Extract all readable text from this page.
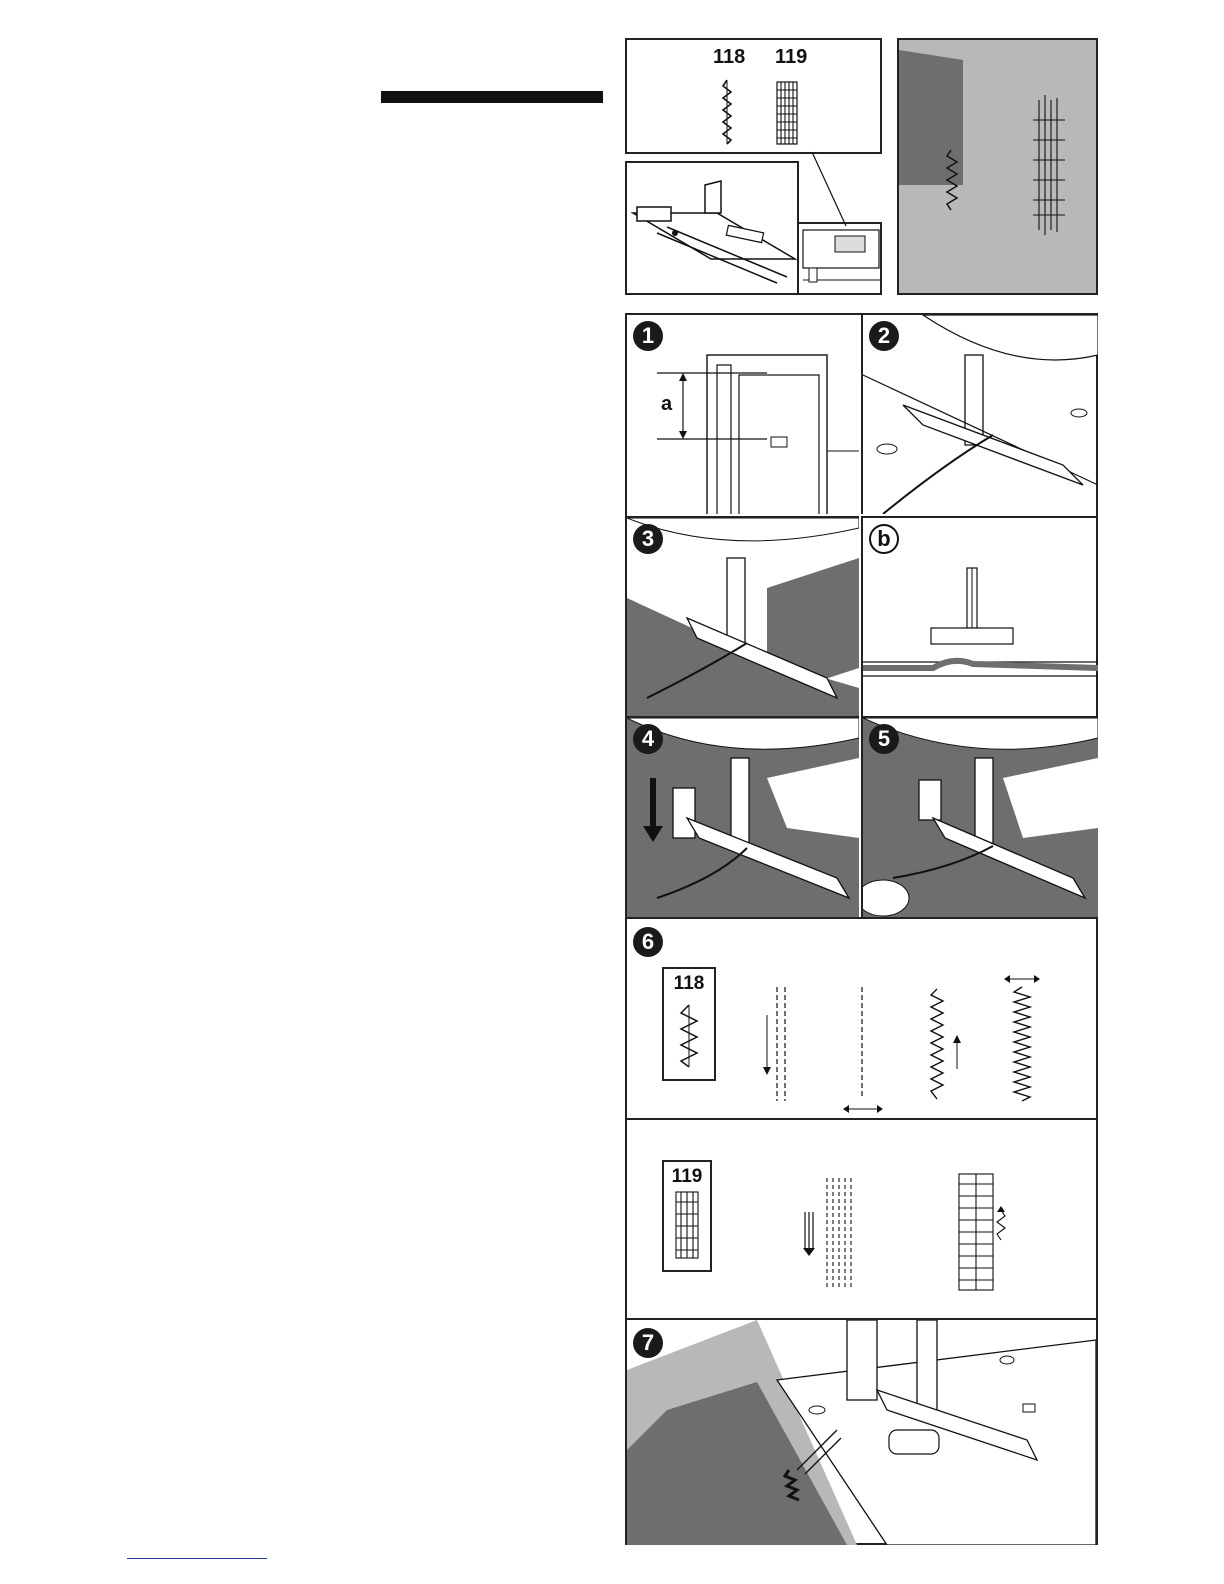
118 119
1
a
2
3	b
4	5
6
118
119
7
